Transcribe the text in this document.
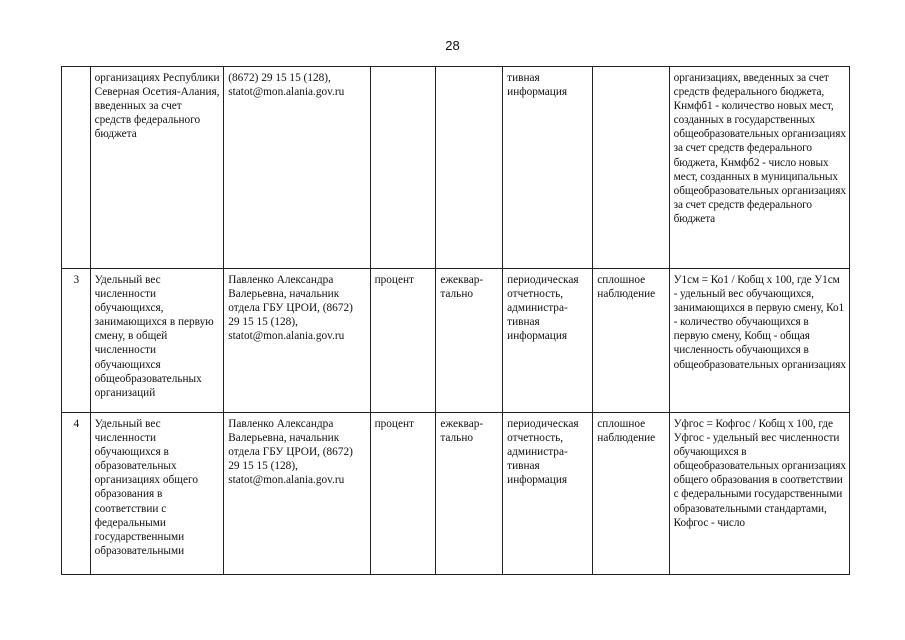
28
	организациях Республики Северная Осетия-Алания, введенных за счет средств федерального бюджета	(8672) 29 15 15 (128), statot@mon.alania.gov.ru			тивная информация		организациях, введенных за счет средств федерального бюджета, Кнмфб1 - количество новых мест, созданных в государственных общеобразовательных организациях за счет средств федерального бюджета, Кнмфб2 - число новых мест, созданных в муниципальных общеобразовательных организациях за счет средств федерального бюджета
3	Удельный вес численности обучающихся, занимающихся в первую смену, в общей численности обучающихся общеобразовательных организаций	Павленко Александра Валерьевна, начальник отдела ГБУ ЦРОИ, (8672) 29 15 15 (128), statot@mon.alania.gov.ru	процент	ежеквар-тально	периодическая отчетность, администра-тивная информация	сплошное наблюдение	У1см = Ко1 / Кобщ х 100, где У1см - удельный вес обучающихся, занимающихся в первую смену, Ко1 - количество обучающихся в первую смену, Кобщ - общая численность обучающихся в общеобразовательных организациях
4	Удельный вес численности обучающихся в образовательных организациях общего образования в соответствии с федеральными государственными образовательными	Павленко Александра Валерьевна, начальник отдела ГБУ ЦРОИ, (8672) 29 15 15 (128), statot@mon.alania.gov.ru	процент	ежеквар-тально	периодическая отчетность, администра-тивная информация	сплошное наблюдение	Уфгос = Кофгос / Кобщ х 100, где Уфгос - удельный вес численности обучающихся в общеобразовательных организациях общего образования в соответствии с федеральными государственными образовательными стандартами, Кофгос - число
